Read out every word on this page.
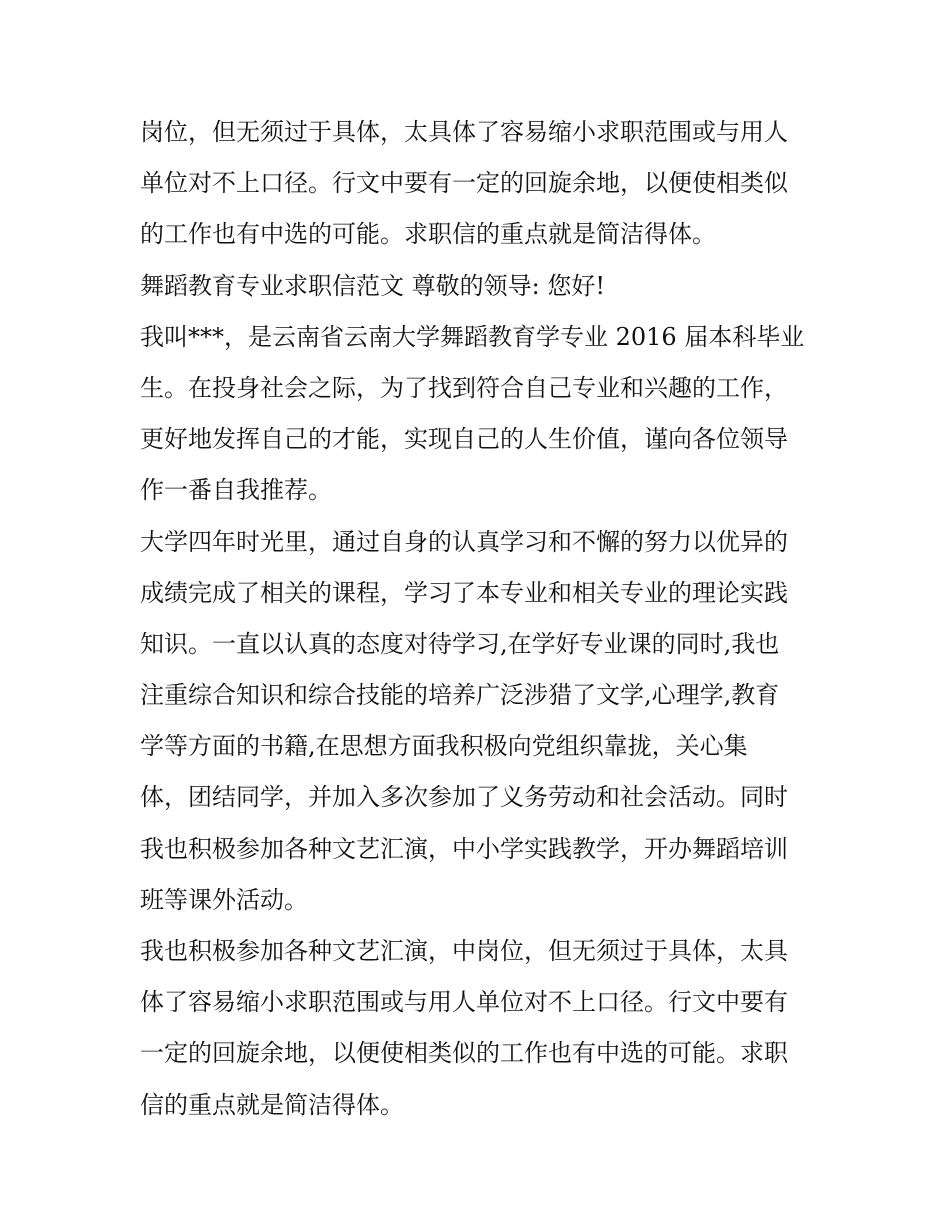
岗位，但无须过于具体，太具体了容易缩小求职范围或与用人

单位对不上口径。行文中要有一定的回旋余地，以便使相类似

的工作也有中选的可能。求职信的重点就是简洁得体。

舞蹈教育专业求职信范文 尊敬的领导: 您好!

我叫***，是云南省云南大学舞蹈教育学专业 2016 届本科毕业

生。在投身社会之际，为了找到符合自己专业和兴趣的工作，

更好地发挥自己的才能，实现自己的人生价值，谨向各位领导

作一番自我推荐。

大学四年时光里，通过自身的认真学习和不懈的努力以优异的

成绩完成了相关的课程，学习了本专业和相关专业的理论实践

知识。一直以认真的态度对待学习,在学好专业课的同时,我也

注重综合知识和综合技能的培养广泛涉猎了文学,心理学,教育

学等方面的书籍,在思想方面我积极向党组织靠拢，关心集

体，团结同学，并加入多次参加了义务劳动和社会活动。同时

我也积极参加各种文艺汇演，中小学实践教学，开办舞蹈培训

班等课外活动。

我也积极参加各种文艺汇演，中岗位，但无须过于具体，太具

体了容易缩小求职范围或与用人单位对不上口径。行文中要有

一定的回旋余地，以便使相类似的工作也有中选的可能。求职

信的重点就是简洁得体。
